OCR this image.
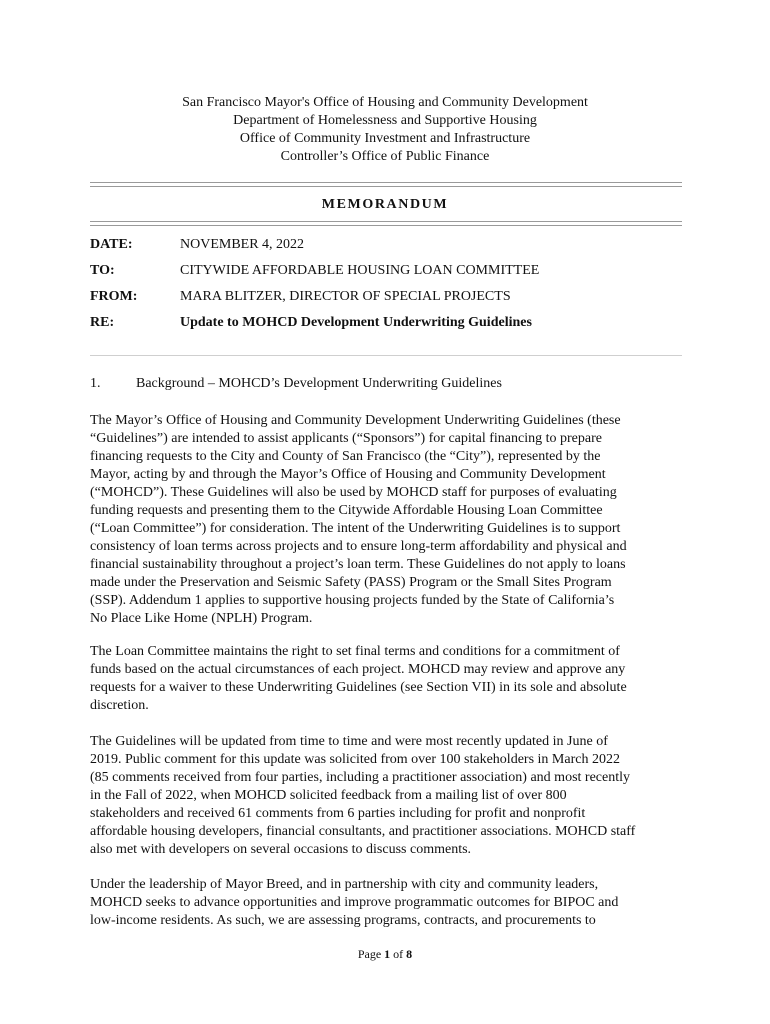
San Francisco Mayor's Office of Housing and Community Development
Department of Homelessness and Supportive Housing
Office of Community Investment and Infrastructure
Controller’s Office of Public Finance
MEMORANDUM
DATE:	NOVEMBER 4, 2022
TO:	CITYWIDE AFFORDABLE HOUSING LOAN COMMITTEE
FROM:	MARA BLITZER, DIRECTOR OF SPECIAL PROJECTS
RE:	Update to MOHCD Development Underwriting Guidelines
1.	Background – MOHCD’s Development Underwriting Guidelines
The Mayor’s Office of Housing and Community Development Underwriting Guidelines (these
“Guidelines”) are intended to assist applicants (“Sponsors”) for capital financing to prepare
financing requests to the City and County of San Francisco (the “City”), represented by the
Mayor, acting by and through the Mayor’s Office of Housing and Community Development
(“MOHCD”). These Guidelines will also be used by MOHCD staff for purposes of evaluating
funding requests and presenting them to the Citywide Affordable Housing Loan Committee
(“Loan Committee”) for consideration. The intent of the Underwriting Guidelines is to support
consistency of loan terms across projects and to ensure long-term affordability and physical and
financial sustainability throughout a project’s loan term. These Guidelines do not apply to loans
made under the Preservation and Seismic Safety (PASS) Program or the Small Sites Program
(SSP). Addendum 1 applies to supportive housing projects funded by the State of California’s
No Place Like Home (NPLH) Program.
The Loan Committee maintains the right to set final terms and conditions for a commitment of
funds based on the actual circumstances of each project. MOHCD may review and approve any
requests for a waiver to these Underwriting Guidelines (see Section VII) in its sole and absolute
discretion.
The Guidelines will be updated from time to time and were most recently updated in June of
2019. Public comment for this update was solicited from over 100 stakeholders in March 2022
(85 comments received from four parties, including a practitioner association) and most recently
in the Fall of 2022, when MOHCD solicited feedback from a mailing list of over 800
stakeholders and received 61 comments from 6 parties including for profit and nonprofit
affordable housing developers, financial consultants, and practitioner associations. MOHCD staff
also met with developers on several occasions to discuss comments.
Under the leadership of Mayor Breed, and in partnership with city and community leaders,
MOHCD seeks to advance opportunities and improve programmatic outcomes for BIPOC and
low-income residents. As such, we are assessing programs, contracts, and procurements to
Page 1 of 8
